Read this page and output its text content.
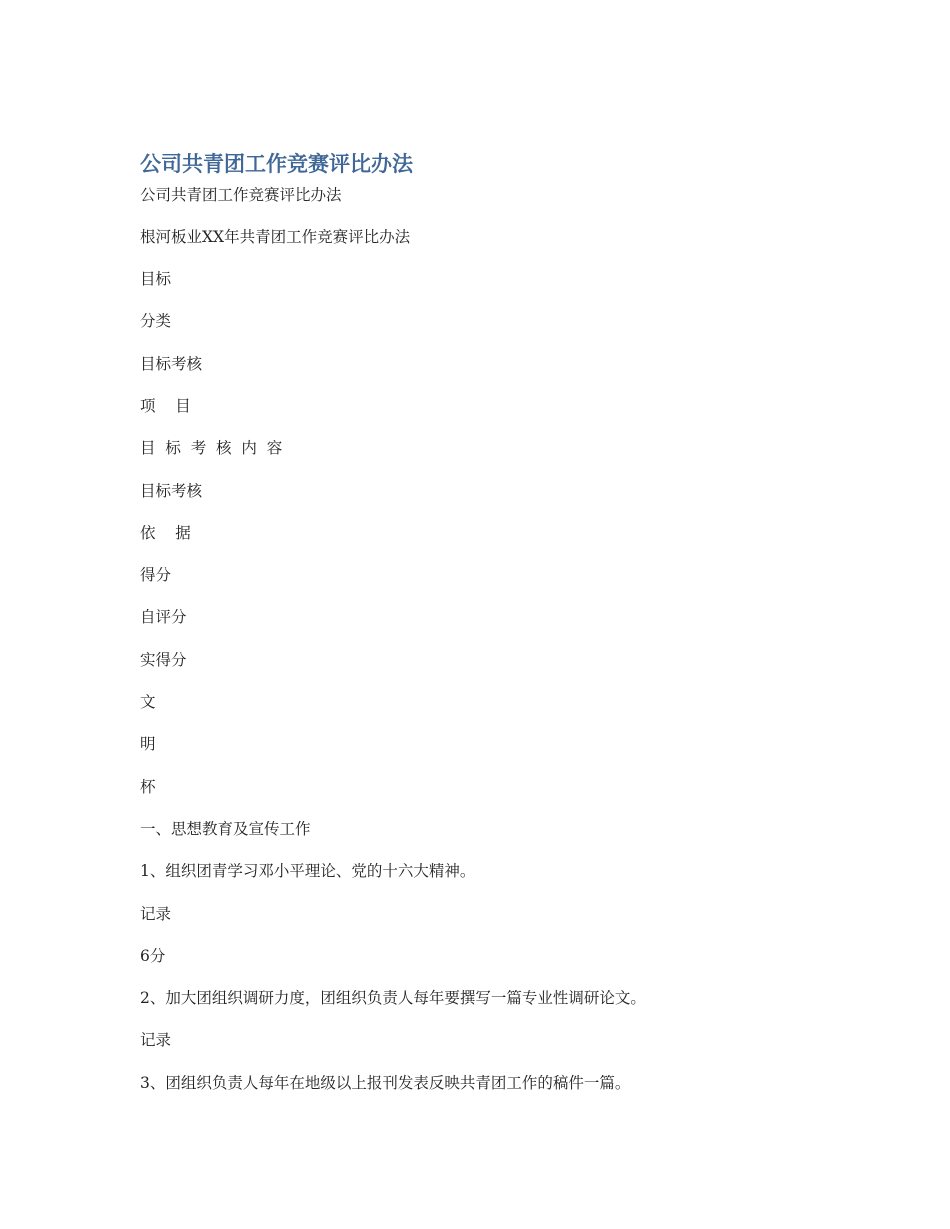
公司共青团工作竞赛评比办法
公司共青团工作竞赛评比办法
根河板业XX年共青团工作竞赛评比办法
目标
分类
目标考核
项    目
目  标  考  核  内  容
目标考核
依    据
得分
自评分
实得分
文
明
杯
一、思想教育及宣传工作
1、组织团青学习邓小平理论、党的十六大精神。
记录
6分
2、加大团组织调研力度，团组织负责人每年要撰写一篇专业性调研论文。
记录
3、团组织负责人每年在地级以上报刊发表反映共青团工作的稿件一篇。
